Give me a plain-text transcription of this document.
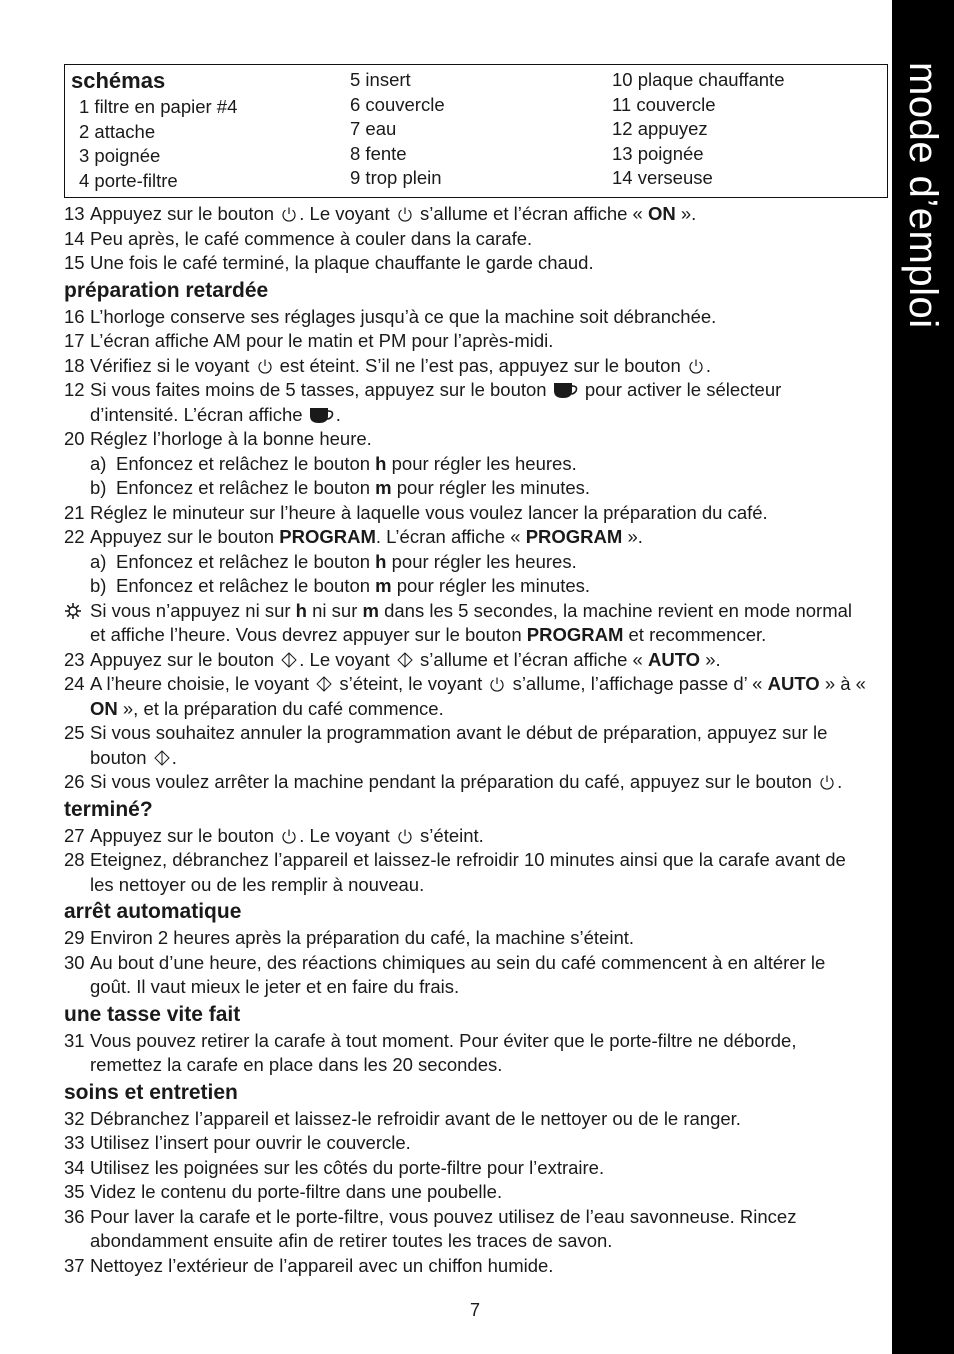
mode d’emploi
schémas
1 filtre en papier #4
2 attache
3 poignée
4 porte-filtre
5 insert
6 couvercle
7 eau
8 fente
9 trop plein
10 plaque chauffante
11 couvercle
12 appuyez
13 poignée
14 verseuse
13 Appuyez sur le bouton . Le voyant s’allume et l’écran affiche « ON ».
14 Peu après, le café commence à couler dans la carafe.
15 Une fois le café terminé, la plaque chauffante le garde chaud.
préparation retardée
16 L’horloge conserve ses réglages jusqu’à ce que la machine soit débranchée.
17 L’écran affiche AM pour le matin et PM pour l’après-midi.
18 Vérifiez si le voyant est éteint. S’il ne l’est pas, appuyez sur le bouton .
12 Si vous faites moins de 5 tasses, appuyez sur le bouton pour activer le sélecteur
d’intensité. L’écran affiche .
20 Réglez l’horloge à la bonne heure.
a) Enfoncez et relâchez le bouton h pour régler les heures.
b) Enfoncez et relâchez le bouton m pour régler les minutes.
21 Réglez le minuteur sur l’heure à laquelle vous voulez lancer la préparation du café.
22 Appuyez sur le bouton PROGRAM. L’écran affiche « PROGRAM ».
a) Enfoncez et relâchez le bouton h pour régler les heures.
b) Enfoncez et relâchez le bouton m pour régler les minutes.
Si vous n’appuyez ni sur h ni sur m dans les 5 secondes, la machine revient en mode normal
et affiche l’heure. Vous devrez appuyer sur le bouton PROGRAM et recommencer.
23 Appuyez sur le bouton . Le voyant s’allume et l’écran affiche « AUTO ».
24 A l’heure choisie, le voyant s’éteint, le voyant s’allume, l’affichage passe d’ « AUTO » à «
ON », et la préparation du café commence.
25 Si vous souhaitez annuler la programmation avant le début de préparation, appuyez sur le
bouton .
26 Si vous voulez arrêter la machine pendant la préparation du café, appuyez sur le bouton .
terminé?
27 Appuyez sur le bouton . Le voyant s’éteint.
28 Eteignez, débranchez l’appareil et laissez-le refroidir 10 minutes ainsi que la carafe avant de
les nettoyer ou de les remplir à nouveau.
arrêt automatique
29 Environ 2 heures après la préparation du café, la machine s’éteint.
30 Au bout d’une heure, des réactions chimiques au sein du café commencent à en altérer le
goût. Il vaut mieux le jeter et en faire du frais.
une tasse vite fait
31 Vous pouvez retirer la carafe à tout moment. Pour éviter que le porte-filtre ne déborde,
remettez la carafe en place dans les 20 secondes.
soins et entretien
32 Débranchez l’appareil et laissez-le refroidir avant de le nettoyer ou de le ranger.
33 Utilisez l’insert pour ouvrir le couvercle.
34 Utilisez les poignées sur les côtés du porte-filtre pour l’extraire.
35 Videz le contenu du porte-filtre dans une poubelle.
36 Pour laver la carafe et le porte-filtre, vous pouvez utilisez de l’eau savonneuse. Rincez
abondamment ensuite afin de retirer toutes les traces de savon.
37 Nettoyez l’extérieur de l’appareil avec un chiffon humide.
7
